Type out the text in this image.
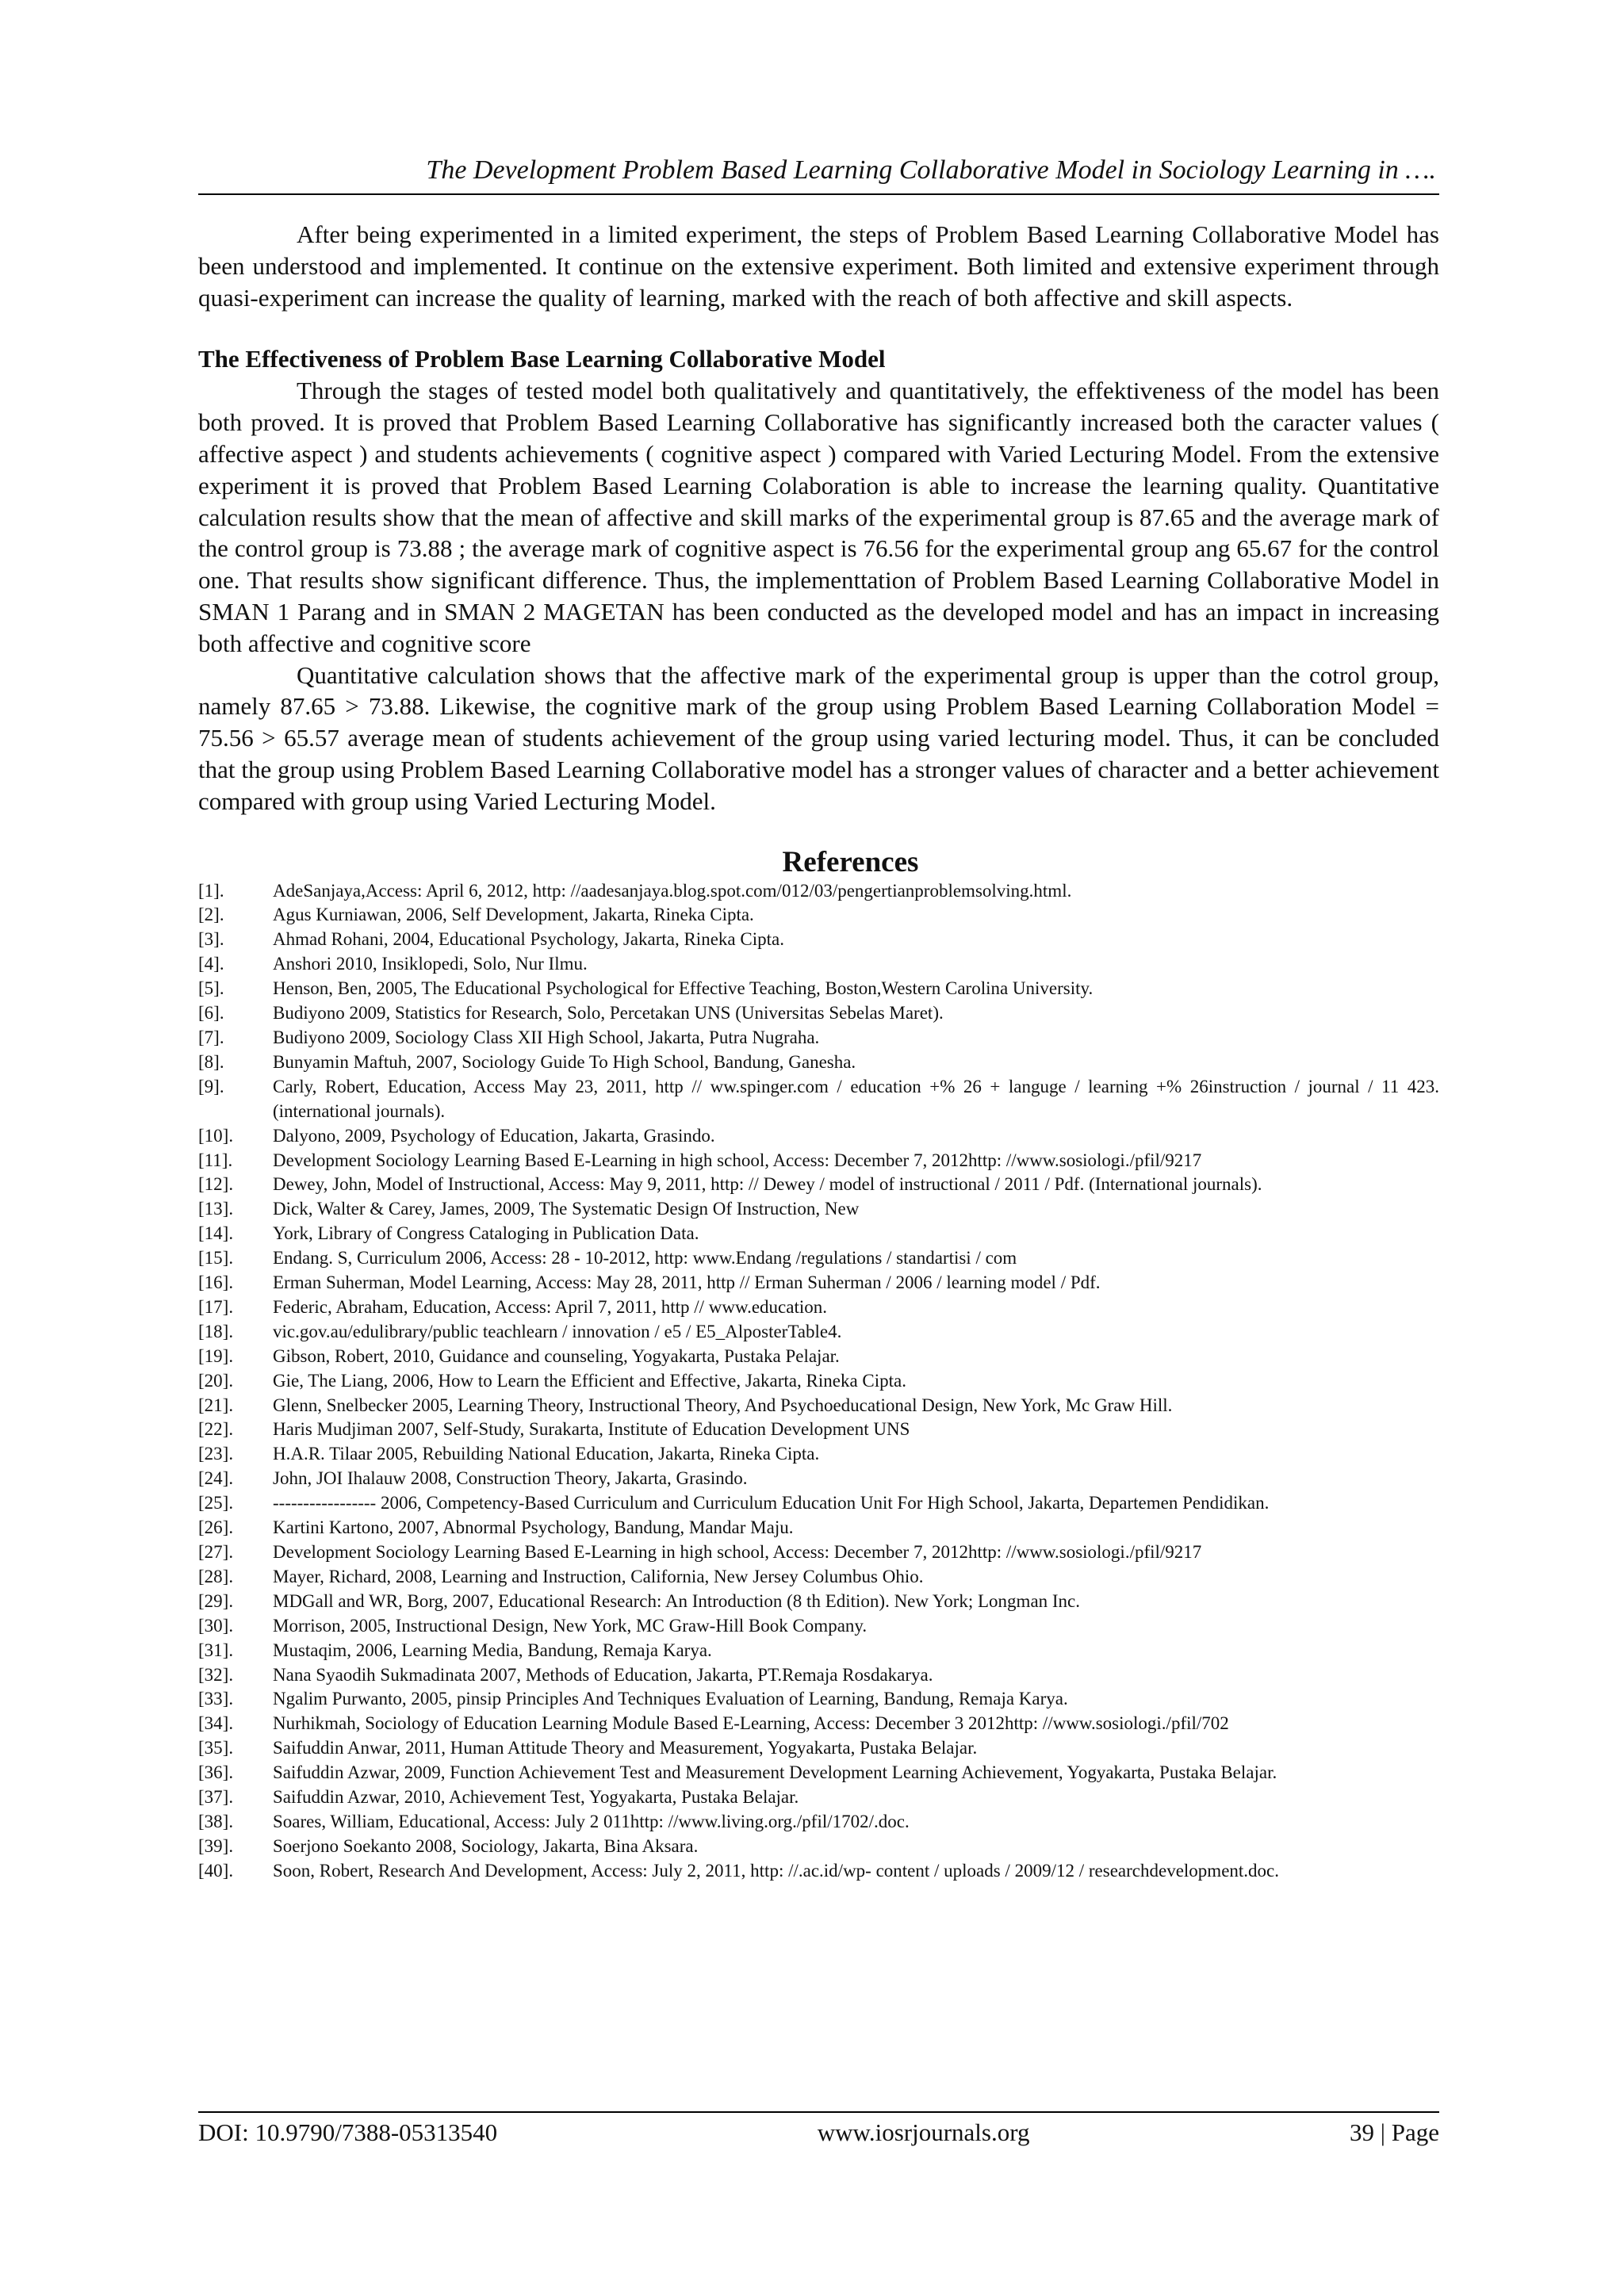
The Development Problem Based Learning Collaborative Model in Sociology Learning in ….

After being experimented in a limited experiment, the steps of Problem Based Learning Collaborative Model has been understood and implemented. It continue on the extensive experiment. Both limited and extensive experiment through quasi-experiment can increase the quality of learning, marked with the reach of both affective and skill aspects.

The Effectiveness of Problem Base Learning Collaborative Model

Through the stages of tested model both qualitatively and quantitatively, the effektiveness of the model has been both proved. It is proved that Problem Based Learning Collaborative has significantly increased both the caracter values ( affective aspect ) and students achievements ( cognitive aspect ) compared with Varied Lecturing Model. From the extensive experiment it is proved that Problem Based Learning Colaboration is able to increase the learning quality. Quantitative calculation results show that the mean of affective and skill marks of the experimental group is 87.65 and the average mark of the control group is 73.88 ; the average mark of cognitive aspect is 76.56 for the experimental group ang 65.67 for the control one. That results show significant difference. Thus, the implementtation of Problem Based Learning Collaborative Model in SMAN 1 Parang and in SMAN 2 MAGETAN has been conducted as the developed model and has an impact in increasing both affective and cognitive score

Quantitative calculation shows that the affective mark of the experimental group is upper than the cotrol group, namely 87.65 > 73.88. Likewise, the cognitive mark of the group using Problem Based Learning Collaboration Model = 75.56 > 65.57 average mean of students achievement of the group using varied lecturing model. Thus, it can be concluded that the group using Problem Based Learning Collaborative model has a stronger values of character and a better achievement compared with group using Varied Lecturing Model.

References
[1].	AdeSanjaya,Access: April 6, 2012, http: //aadesanjaya.blog.spot.com/012/03/pengertianproblemsolving.html.
[2].	Agus Kurniawan, 2006, Self Development, Jakarta, Rineka Cipta.
[3].	Ahmad Rohani, 2004, Educational Psychology, Jakarta, Rineka Cipta.
[4].	Anshori 2010, Insiklopedi, Solo, Nur Ilmu.
[5].	Henson, Ben, 2005, The Educational Psychological for Effective Teaching, Boston,Western Carolina University.
[6].	Budiyono 2009, Statistics for Research, Solo, Percetakan UNS (Universitas Sebelas Maret).
[7].	Budiyono 2009, Sociology Class XII High School, Jakarta, Putra Nugraha.
[8].	Bunyamin Maftuh, 2007, Sociology Guide To High School, Bandung, Ganesha.
[9].	Carly, Robert, Education, Access May 23, 2011, http // ww.spinger.com / education +% 26 + languge / learning +% 26instruction / journal / 11 423. (international journals).
[10].	Dalyono, 2009, Psychology of Education, Jakarta, Grasindo.
[11].	Development Sociology Learning Based E-Learning in high school, Access: December 7, 2012http: //www.sosiologi./pfil/9217
[12].	Dewey, John, Model of Instructional, Access: May 9, 2011, http: // Dewey / model of instructional / 2011 / Pdf. (International journals).
[13].	Dick, Walter & Carey, James, 2009, The Systematic Design Of Instruction, New
[14].	York, Library of Congress Cataloging in Publication Data.
[15].	Endang. S, Curriculum 2006, Access: 28 - 10-2012, http: www.Endang /regulations / standartisi / com
[16].	Erman Suherman, Model Learning, Access: May 28, 2011, http // Erman Suherman / 2006 / learning model / Pdf.
[17].	Federic, Abraham, Education, Access: April 7, 2011, http // www.education.
[18].	vic.gov.au/edulibrary/public teachlearn / innovation / e5 / E5_AlposterTable4.
[19].	Gibson, Robert, 2010, Guidance and counseling, Yogyakarta, Pustaka Pelajar.
[20].	Gie, The Liang, 2006, How to Learn the Efficient and Effective, Jakarta, Rineka Cipta.
[21].	Glenn, Snelbecker 2005, Learning Theory, Instructional Theory, And Psychoeducational Design, New York, Mc Graw Hill.
[22].	Haris Mudjiman 2007, Self-Study, Surakarta, Institute of Education Development UNS
[23].	H.A.R. Tilaar 2005, Rebuilding National Education, Jakarta, Rineka Cipta.
[24].	John, JOI Ihalauw 2008, Construction Theory, Jakarta, Grasindo.
[25].	----------------- 2006, Competency-Based Curriculum and Curriculum Education Unit For High School, Jakarta, Departemen Pendidikan.
[26].	Kartini Kartono, 2007, Abnormal Psychology, Bandung, Mandar Maju.
[27].	Development Sociology Learning Based E-Learning in high school, Access: December 7, 2012http: //www.sosiologi./pfil/9217
[28].	Mayer, Richard, 2008, Learning and Instruction, California, New Jersey Columbus Ohio.
[29].	MDGall and WR, Borg, 2007, Educational Research: An Introduction (8 th Edition). New York; Longman Inc.
[30].	Morrison, 2005, Instructional Design, New York, MC Graw-Hill Book Company.
[31].	Mustaqim, 2006, Learning Media, Bandung, Remaja Karya.
[32].	Nana Syaodih Sukmadinata 2007, Methods of Education, Jakarta, PT.Remaja Rosdakarya.
[33].	Ngalim Purwanto, 2005, pinsip Principles And Techniques Evaluation of Learning, Bandung, Remaja Karya.
[34].	Nurhikmah, Sociology of Education Learning Module Based E-Learning, Access: December 3 2012http: //www.sosiologi./pfil/702
[35].	Saifuddin Anwar, 2011, Human Attitude Theory and Measurement, Yogyakarta, Pustaka Belajar.
[36].	Saifuddin Azwar, 2009, Function Achievement Test and Measurement Development Learning Achievement, Yogyakarta, Pustaka Belajar.
[37].	Saifuddin Azwar, 2010, Achievement Test, Yogyakarta, Pustaka Belajar.
[38].	Soares, William, Educational, Access: July 2 011http: //www.living.org./pfil/1702/.doc.
[39].	Soerjono Soekanto 2008, Sociology, Jakarta, Bina Aksara.
[40].	Soon, Robert, Research And Development, Access: July 2, 2011, http: //.ac.id/wp- content / uploads / 2009/12 / researchdevelopment.doc.
DOI: 10.9790/7388-05313540	www.iosrjournals.org	39 | Page
